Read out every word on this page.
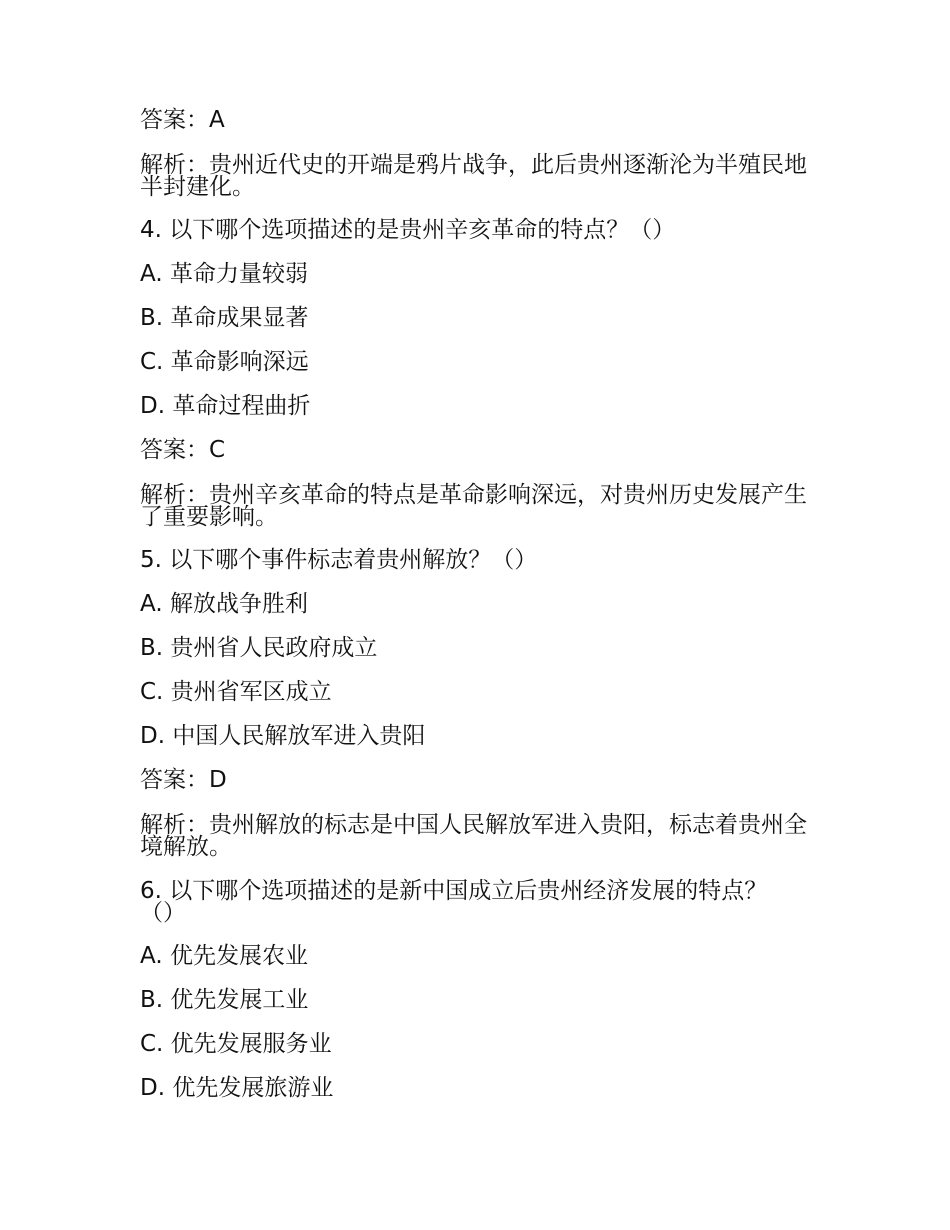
答案：A

解析：贵州近代史的开端是鸦片战争，此后贵州逐渐沦为半殖民地半封建化。

4. 以下哪个选项描述的是贵州辛亥革命的特点？（）

A. 革命力量较弱

B. 革命成果显著

C. 革命影响深远

D. 革命过程曲折

答案：C

解析：贵州辛亥革命的特点是革命影响深远，对贵州历史发展产生了重要影响。

5. 以下哪个事件标志着贵州解放？（）

A. 解放战争胜利

B. 贵州省人民政府成立

C. 贵州省军区成立

D. 中国人民解放军进入贵阳

答案：D

解析：贵州解放的标志是中国人民解放军进入贵阳，标志着贵州全境解放。

6. 以下哪个选项描述的是新中国成立后贵州经济发展的特点？（）

A. 优先发展农业

B. 优先发展工业

C. 优先发展服务业

D. 优先发展旅游业
